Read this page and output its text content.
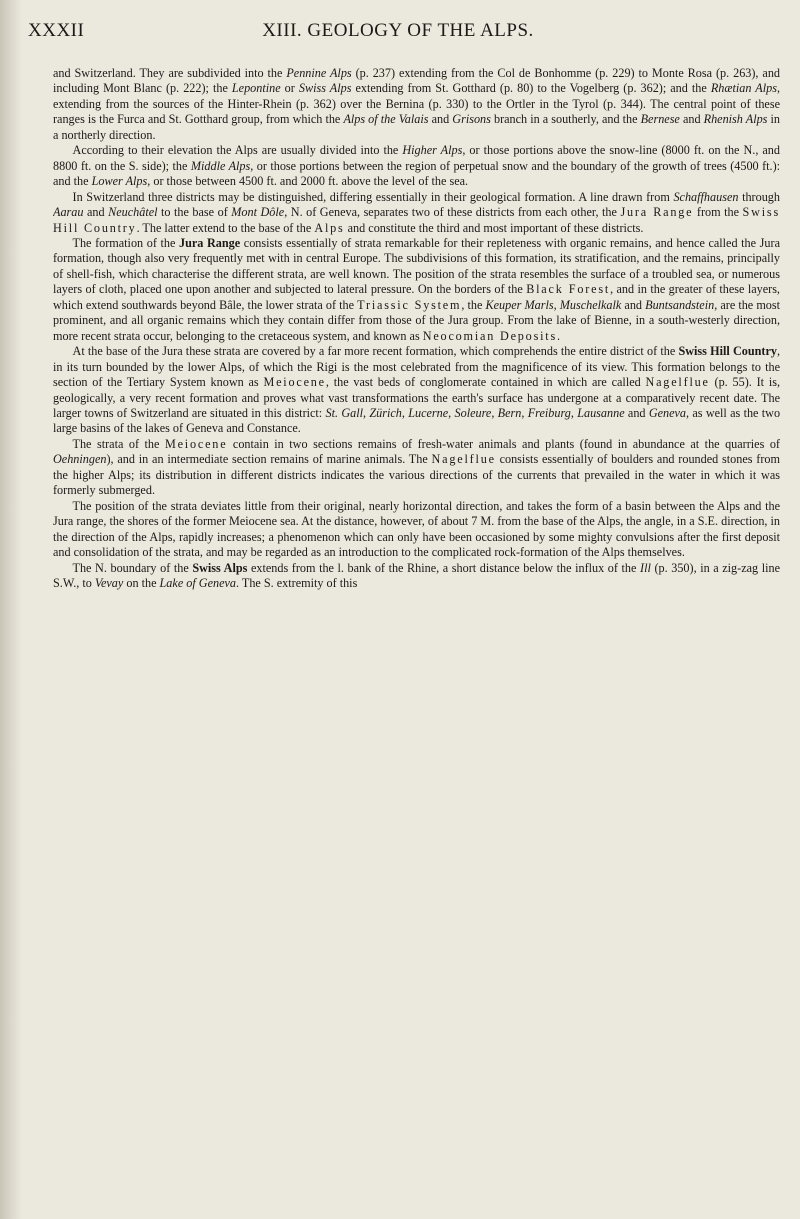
XXXII	XIII. GEOLOGY OF THE ALPS.

and Switzerland. They are subdivided into the Pennine Alps (p. 237) extending from the Col de Bonhomme (p. 229) to Monte Rosa (p. 263), and including Mont Blanc (p. 222); the Lepontine or Swiss Alps extending from St. Gotthard (p. 80) to the Vogelberg (p. 362); and the Rhætian Alps, extending from the sources of the Hinter-Rhein (p. 362) over the Bernina (p. 330) to the Ortler in the Tyrol (p. 344). The central point of these ranges is the Furca and St. Gotthard group, from which the Alps of the Valais and Grisons branch in a southerly, and the Bernese and Rhenish Alps in a northerly direction.

According to their elevation the Alps are usually divided into the Higher Alps, or those portions above the snow-line (8000 ft. on the N., and 8800 ft. on the S. side); the Middle Alps, or those portions between the region of perpetual snow and the boundary of the growth of trees (4500 ft.): and the Lower Alps, or those between 4500 ft. and 2000 ft. above the level of the sea.

In Switzerland three districts may be distinguished, differing essentially in their geological formation. A line drawn from Schaffhausen through Aarau and Neuchâtel to the base of Mont Dôle, N. of Geneva, separates two of these districts from each other, the Jura Range from the Swiss Hill Country. The latter extend to the base of the Alps and constitute the third and most important of these districts.

The formation of the Jura Range consists essentially of strata remarkable for their repleteness with organic remains, and hence called the Jura formation, though also very frequently met with in central Europe. The subdivisions of this formation, its stratification, and the remains, principally of shell-fish, which characterise the different strata, are well known. The position of the strata resembles the surface of a troubled sea, or numerous layers of cloth, placed one upon another and subjected to lateral pressure. On the borders of the Black Forest, and in the greater of these layers, which extend southwards beyond Bâle, the lower strata of the Triassic System, the Keuper Marls, Muschelkalk and Buntsandstein, are the most prominent, and all organic remains which they contain differ from those of the Jura group. From the lake of Bienne, in a south-westerly direction, more recent strata occur, belonging to the cretaceous system, and known as Neocomian Deposits.

At the base of the Jura these strata are covered by a far more recent formation, which comprehends the entire district of the Swiss Hill Country, in its turn bounded by the lower Alps, of which the Rigi is the most celebrated from the magnificence of its view. This formation belongs to the section of the Tertiary System known as Meiocene, the vast beds of conglomerate contained in which are called Nagelflue (p. 55). It is, geologically, a very recent formation and proves what vast transformations the earth's surface has undergone at a comparatively recent date. The larger towns of Switzerland are situated in this district: St. Gall, Zürich, Lucerne, Soleure, Bern, Freiburg, Lausanne and Geneva, as well as the two large basins of the lakes of Geneva and Constance.

The strata of the Meiocene contain in two sections remains of fresh-water animals and plants (found in abundance at the quarries of Oehningen), and in an intermediate section remains of marine animals. The Nagelflue consists essentially of boulders and rounded stones from the higher Alps; its distribution in different districts indicates the various directions of the currents that prevailed in the water in which it was formerly submerged.

The position of the strata deviates little from their original, nearly horizontal direction, and takes the form of a basin between the Alps and the Jura range, the shores of the former Meiocene sea. At the distance, however, of about 7 M. from the base of the Alps, the angle, in a S.E. direction, in the direction of the Alps, rapidly increases; a phenomenon which can only have been occasioned by some mighty convulsions after the first deposit and consolidation of the strata, and may be regarded as an introduction to the complicated rock-formation of the Alps themselves.

The N. boundary of the Swiss Alps extends from the l. bank of the Rhine, a short distance below the influx of the Ill (p. 350), in a zig-zag line S.W., to Vevay on the Lake of Geneva. The S. extremity of this
